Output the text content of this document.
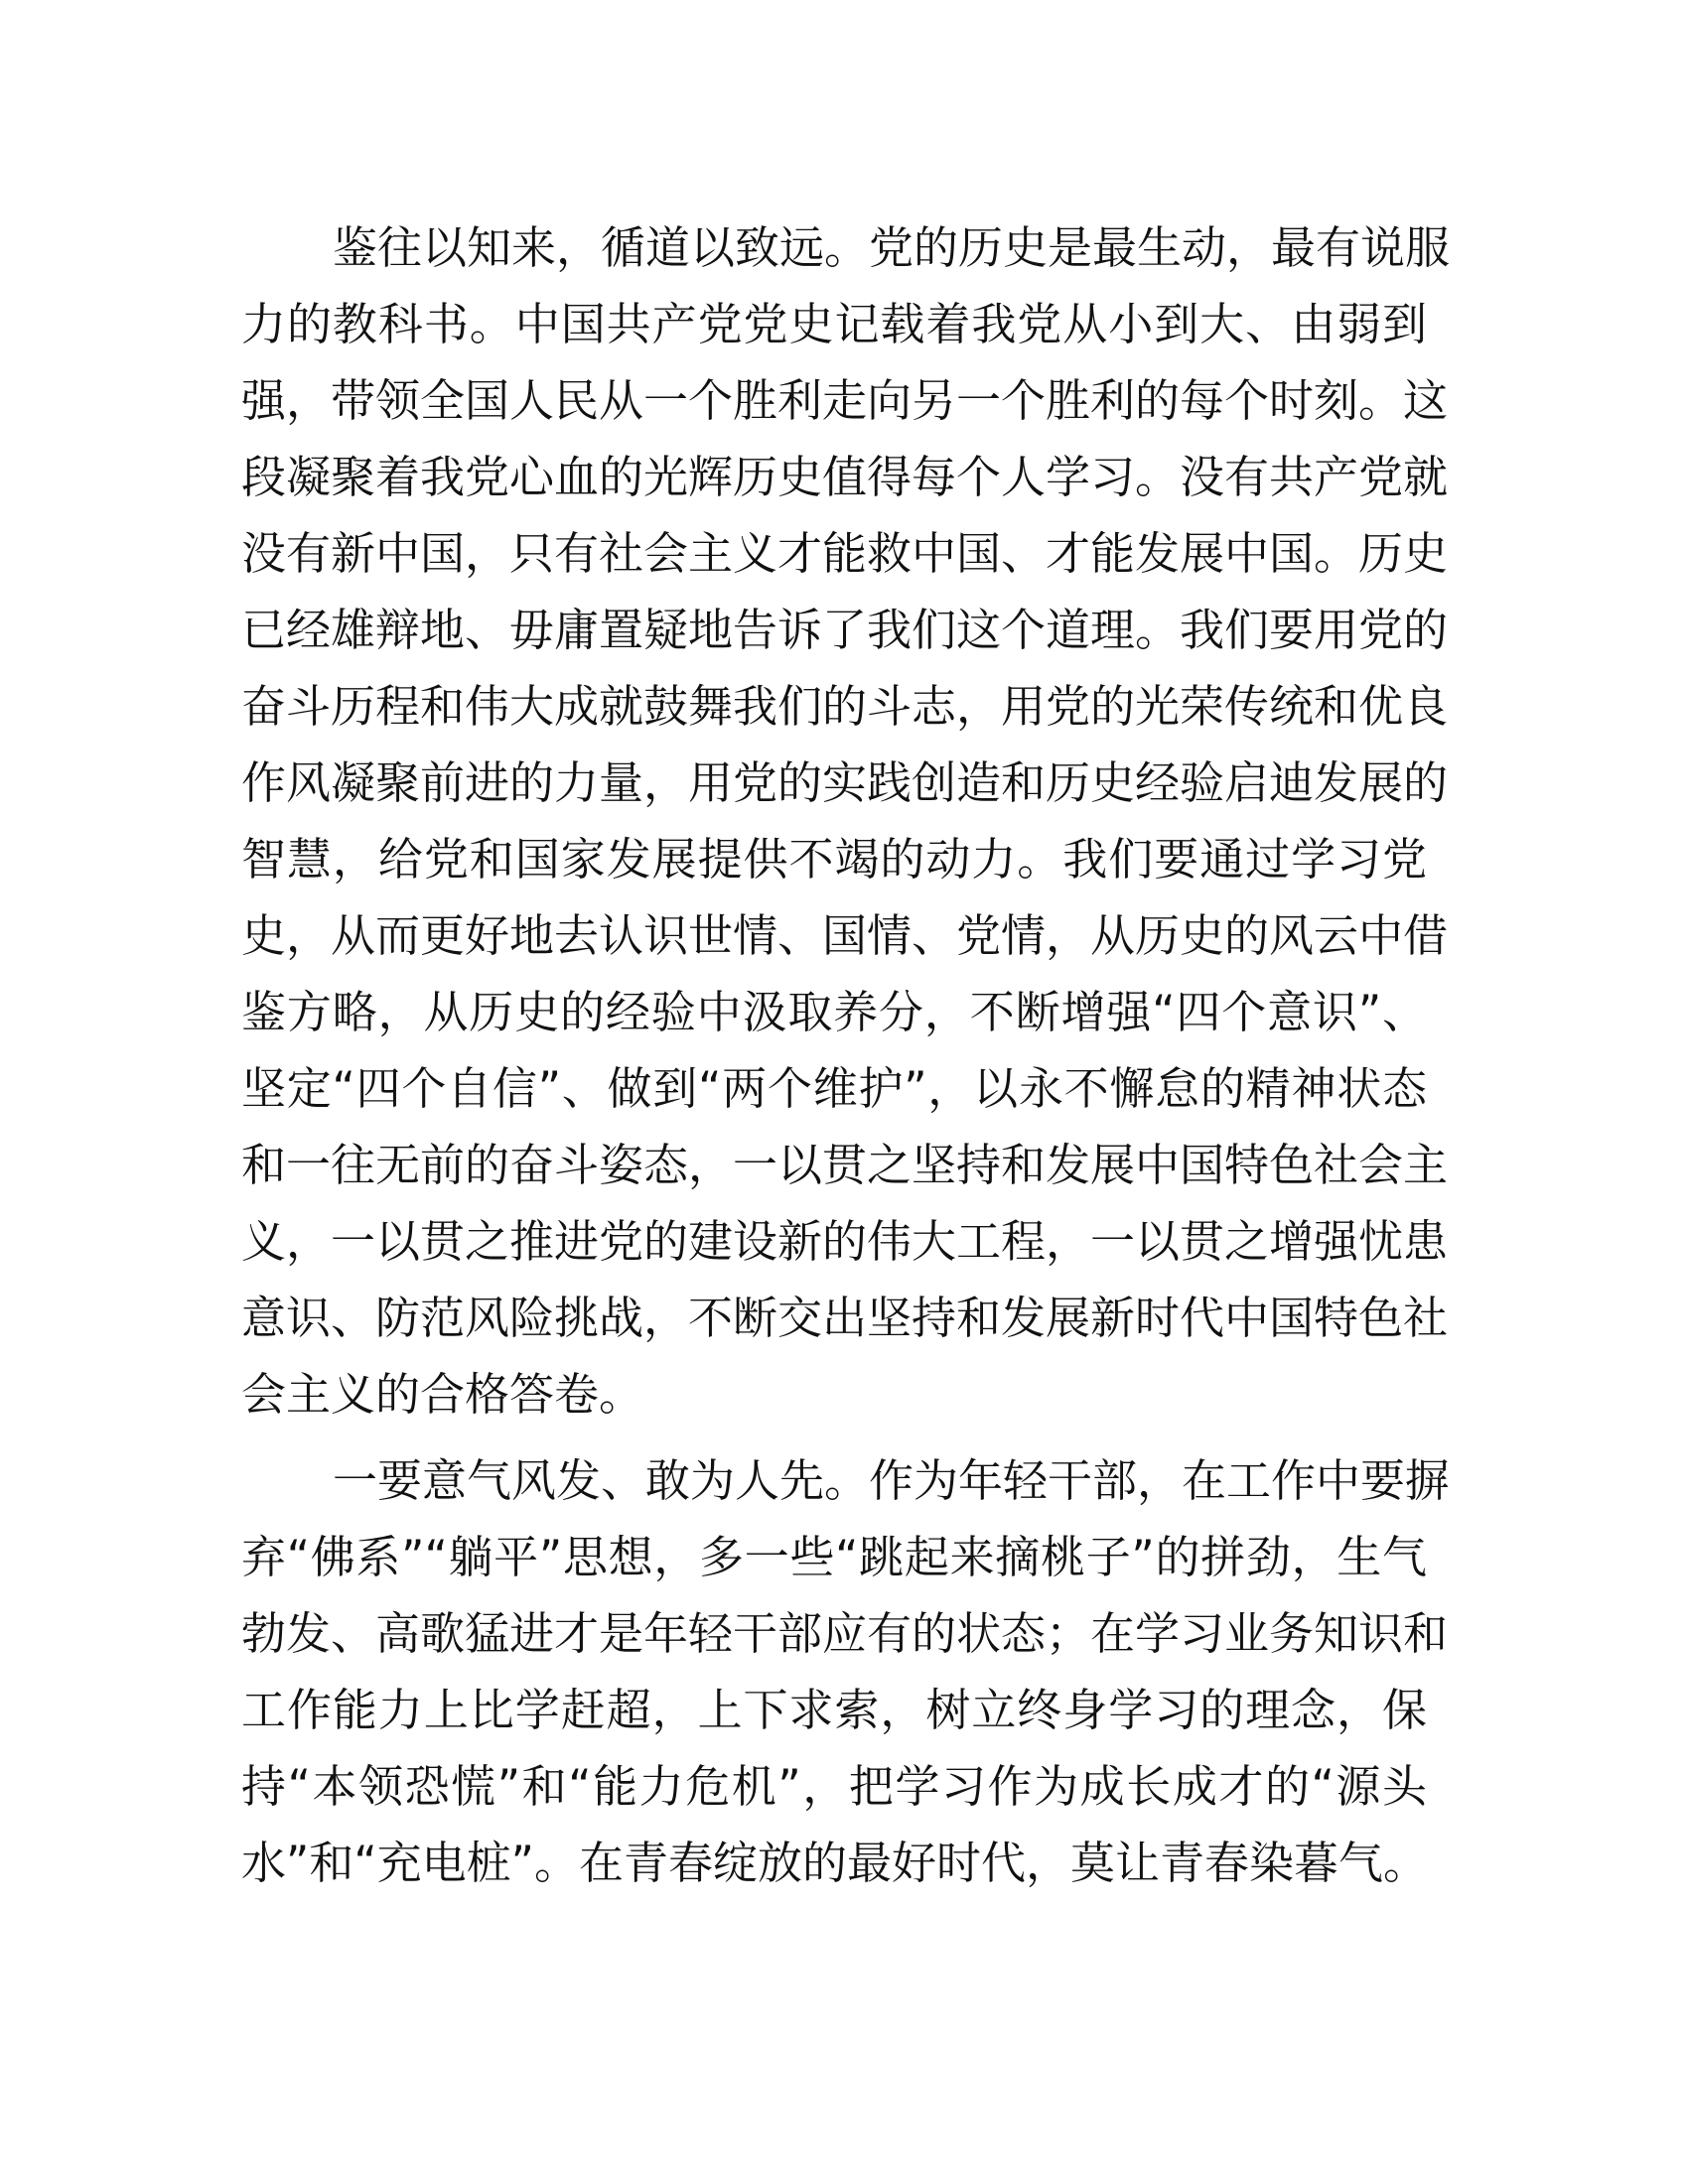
鉴往以知来，循道以致远。党的历史是最生动，最有说服
力的教科书。中国共产党党史记载着我党从小到大、由弱到
强，带领全国人民从一个胜利走向另一个胜利的每个时刻。这
段凝聚着我党心血的光辉历史值得每个人学习。没有共产党就
没有新中国，只有社会主义才能救中国、才能发展中国。历史
已经雄辩地、毋庸置疑地告诉了我们这个道理。我们要用党的
奋斗历程和伟大成就鼓舞我们的斗志，用党的光荣传统和优良
作风凝聚前进的力量，用党的实践创造和历史经验启迪发展的
智慧，给党和国家发展提供不竭的动力。我们要通过学习党
史，从而更好地去认识世情、国情、党情，从历史的风云中借
鉴方略，从历史的经验中汲取养分，不断增强“四个意识”、
坚定“四个自信”、做到“两个维护”，以永不懈怠的精神状态
和一往无前的奋斗姿态，一以贯之坚持和发展中国特色社会主
义，一以贯之推进党的建设新的伟大工程，一以贯之增强忧患
意识、防范风险挑战，不断交出坚持和发展新时代中国特色社
会主义的合格答卷。
一要意气风发、敢为人先。作为年轻干部，在工作中要摒
弃“佛系”“躺平”思想，多一些“跳起来摘桃子”的拼劲，生气
勃发、高歌猛进才是年轻干部应有的状态；在学习业务知识和
工作能力上比学赶超，上下求索，树立终身学习的理念，保
持“本领恐慌”和“能力危机”，把学习作为成长成才的“源头
水”和“充电桩”。在青春绽放的最好时代，莫让青春染暮气。
